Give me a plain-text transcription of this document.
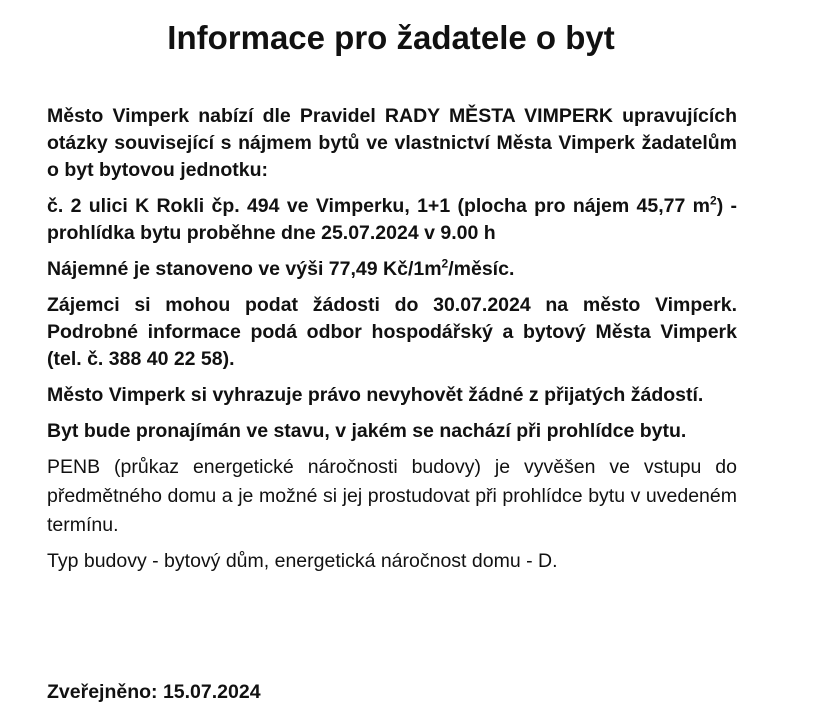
Informace pro žadatele o byt

Město Vimperk nabízí dle Pravidel RADY MĚSTA VIMPERK upravujících otázky související s nájmem bytů ve vlastnictví Města Vimperk žadatelům o byt bytovou jednotku:

č. 2 ulici K Rokli čp. 494 ve Vimperku, 1+1 (plocha pro nájem 45,77 $m^2$) - prohlídka bytu proběhne dne 25.07.2024 v 9.00 h

Nájemné je stanoveno ve výši 77,49 $Kč/1m^2$/měsíc.

Zájemci si mohou podat žádosti do 30.07.2024 na město Vimperk. Podrobné informace podá odbor hospodářský a bytový Města Vimperk (tel. č. 388 40 22 58).

Město Vimperk si vyhrazuje právo nevyhovět žádné z přijatých žádostí.

Byt bude pronajímán ve stavu, v jakém se nachází při prohlídce bytu.

PENB (průkaz energetické náročnosti budovy) je vyvěšen ve vstupu do předmětného domu a je možné si jej prostudovat při prohlídce bytu v uvedeném termínu.

Typ budovy - bytový dům, energetická náročnost domu - D.

Zveřejněno: 15.07.2024
